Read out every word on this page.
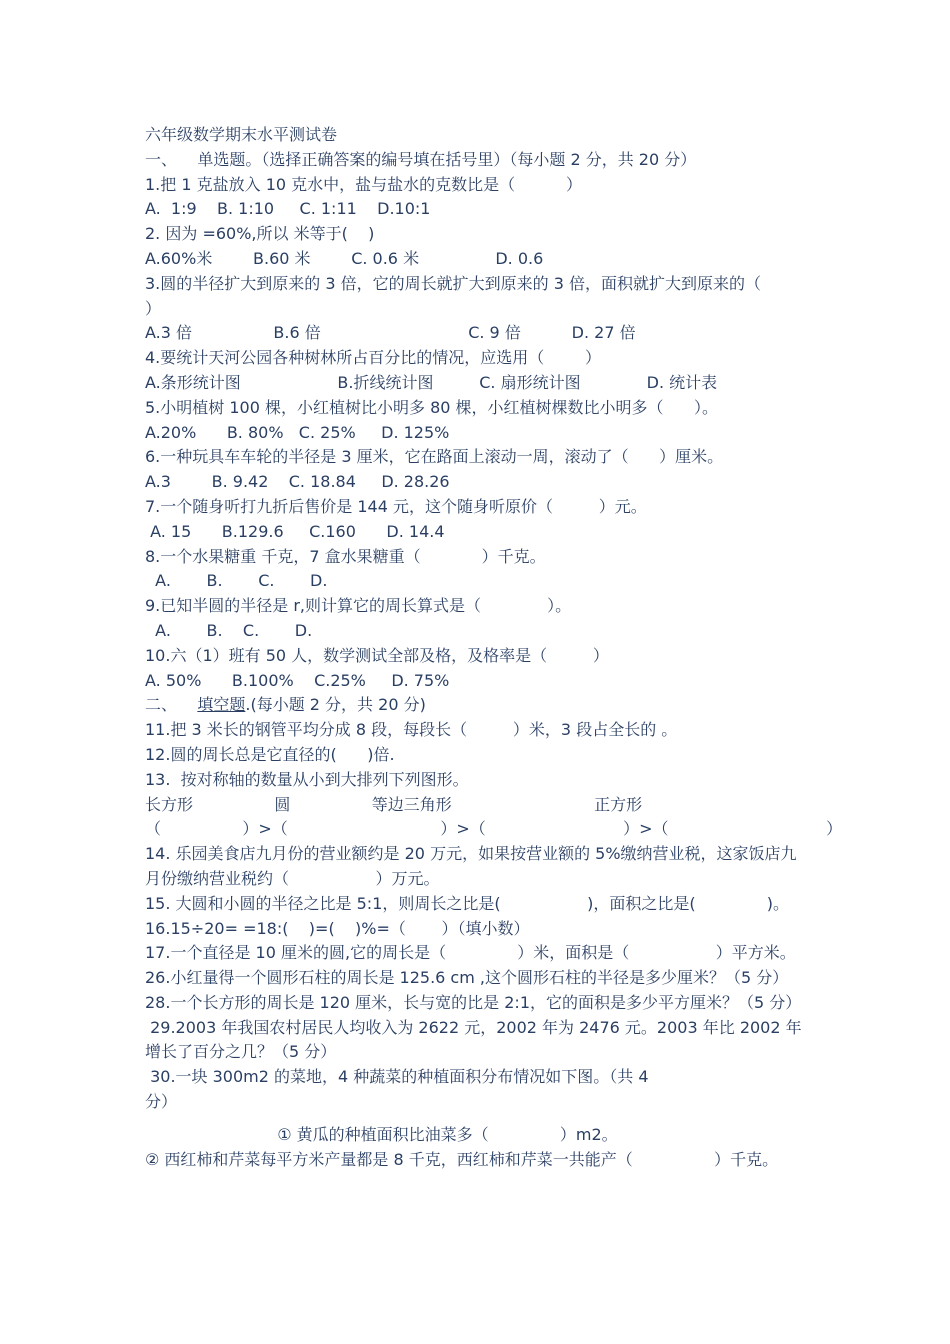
六年级数学期末水平测试卷
一、    单选题。（选择正确答案的编号填在括号里）（每小题 2 分，共 20 分）
1.把 1 克盐放入 10 克水中，盐与盐水的克数比是（          ）
A.  1:9    B. 1:10     C. 1:11    D.10:1
2. 因为 =60%,所以 米等于(    )
A.60%米        B.60 米        C. 0.6 米               D. 0.6
3.圆的半径扩大到原来的 3 倍，它的周长就扩大到原来的 3 倍，面积就扩大到原来的（
）
A.3 倍                B.6 倍                             C. 9 倍          D. 27 倍
4.要统计天河公园各种树林所占百分比的情况，应选用（        ）
A.条形统计图                   B.折线统计图         C. 扇形统计图             D. 统计表
5.小明植树 100 棵，小红植树比小明多 80 棵，小红植树棵数比小明多（      ）。
A.20%      B. 80%   C. 25%     D. 125%
6.一种玩具车车轮的半径是 3 厘米，它在路面上滚动一周，滚动了（      ）厘米。
A.3        B. 9.42    C. 18.84     D. 28.26
7.一个随身听打九折后售价是 144 元，这个随身听原价（         ）元。
A. 15      B.129.6     C.160      D. 14.4
8.一个水果糖重 千克，7 盒水果糖重（            ）千克。
A.       B.       C.       D.
9.已知半圆的半径是 r,则计算它的周长算式是（             ）。
A.       B.    C.       D.
10.六（1）班有 50 人，数学测试全部及格，及格率是（         ）
A. 50%      B.100%    C.25%     D. 75%
二、    填空题.(每小题 2 分，共 20 分)
11.把 3 米长的钢管平均分成 8 段，每段长（         ）米，3 段占全长的 。
12.圆的周长总是它直径的(      )倍.
13.  按对称轴的数量从小到大排列下列图形。
长方形                圆                等边三角形                            正方形
（                ）>（                              ）>（                           ）>（                               ）
14. 乐园美食店九月份的营业额约是 20 万元，如果按营业额的 5%缴纳营业税，这家饭店九
月份缴纳营业税约（                 ）万元。
15. 大圆和小圆的半径之比是 5:1，则周长之比是(                 )，面积之比是(              )。
16.15÷20= =18:(    )=(    )%=（       ）（填小数）
17.一个直径是 10 厘米的圆,它的周长是（              ）米，面积是（                 ）平方米。
26.小红量得一个圆形石柱的周长是 125.6 cm ,这个圆形石柱的半径是多少厘米？（5 分）
28.一个长方形的周长是 120 厘米，长与宽的比是 2:1，它的面积是多少平方厘米？（5 分）
29.2003 年我国农村居民人均收入为 2622 元，2002 年为 2476 元。2003 年比 2002 年
增长了百分之几？（5 分）
30.一块 300m2 的菜地，4 种蔬菜的种植面积分布情况如下图。（共 4
分）
① 黄瓜的种植面积比油菜多（              ）m2。
② 西红柿和芹菜每平方米产量都是 8 千克，西红柿和芹菜一共能产（                ）千克。
